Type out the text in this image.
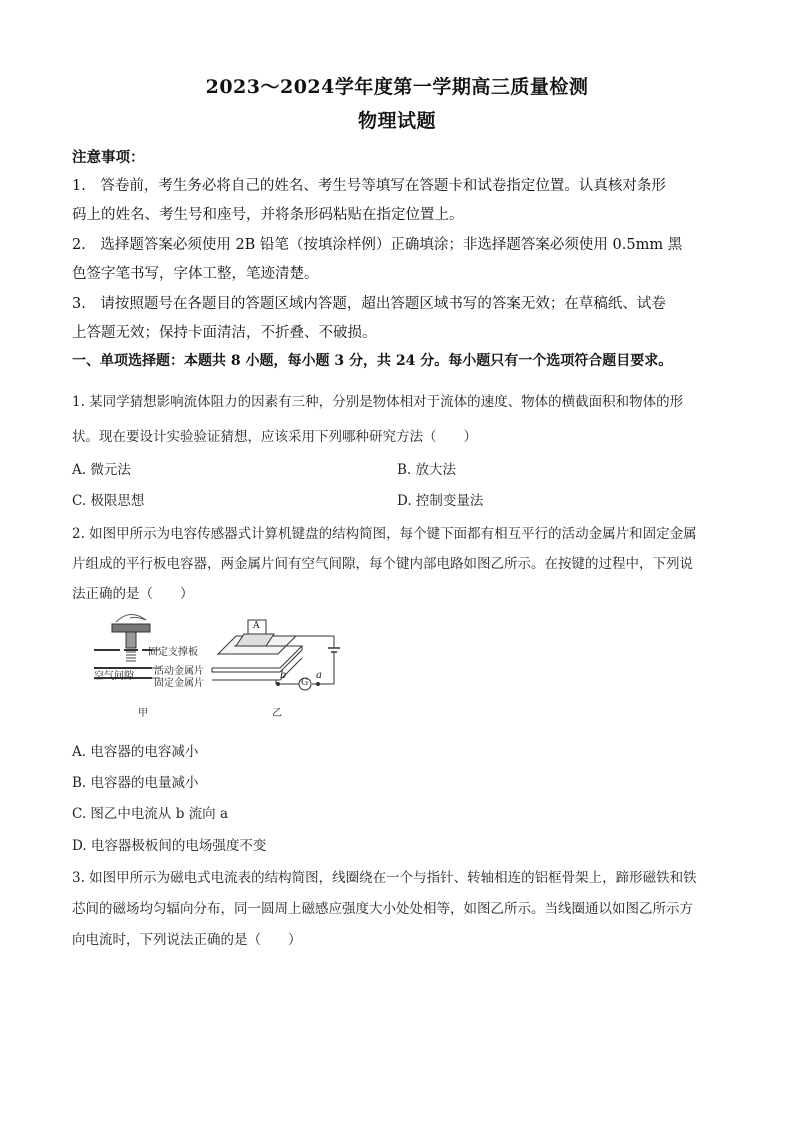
2023～2024学年度第一学期高三质量检测
物理试题
注意事项：
1.　答卷前，考生务必将自己的姓名、考生号等填写在答题卡和试卷指定位置。认真核对条形
码上的姓名、考生号和座号，并将条形码粘贴在指定位置上。
2.　选择题答案必须使用 2B 铅笔（按填涂样例）正确填涂；非选择题答案必须使用 0.5mm 黑
色签字笔书写，字体工整，笔迹清楚。
3.　请按照题号在各题目的答题区域内答题，超出答题区域书写的答案无效；在草稿纸、试卷
上答题无效；保持卡面清洁，不折叠、不破损。
一、单项选择题：本题共 8 小题，每小题 3 分，共 24 分。每小题只有一个选项符合题目要求。
1. 某同学猜想影响流体阻力的因素有三种，分别是物体相对于流体的速度、物体的横截面积和物体的形
状。现在要设计实验验证猜想，应该采用下列哪种研究方法（　　）
A. 微元法	B. 放大法
C. 极限思想	D. 控制变量法
2. 如图甲所示为电容传感器式计算机键盘的结构简图，每个键下面都有相互平行的活动金属片和固定金属
片组成的平行板电容器，两金属片间有空气间隙，每个键内部电路如图乙所示。在按键的过程中，下列说
法正确的是（　　）
固定支撑板
空气间隙 活动金属片
固定金属片
甲	乙
A
G
a
b
A. 电容器的电容减小
B. 电容器的电量减小
C. 图乙中电流从 b 流向 a
D. 电容器极板间的电场强度不变
3. 如图甲所示为磁电式电流表的结构简图，线圈绕在一个与指针、转轴相连的铝框骨架上，蹄形磁铁和铁
芯间的磁场均匀辐向分布，同一圆周上磁感应强度大小处处相等，如图乙所示。当线圈通以如图乙所示方
向电流时，下列说法正确的是（　　）
